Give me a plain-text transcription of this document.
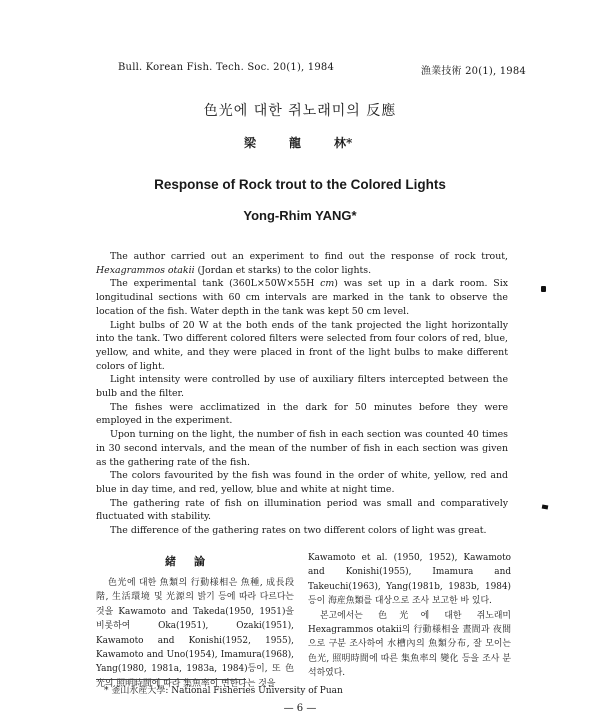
Bull. Korean Fish. Tech. Soc. 20(1), 1984	漁業技術 20(1), 1984
色光에 대한 쥐노래미의 反應
梁	龍	林*
Response of Rock trout to the Colored Lights
Yong-Rhim YANG*

The author carried out an experiment to find out the response of rock trout, Hexagrammos otakii (Jordan et starks) to the color lights.

The experimental tank (360L×50W×55H cm) was set up in a dark room. Six longitudinal sections with 60 cm intervals are marked in the tank to observe the location of the fish. Water depth in the tank was kept 50 cm level.

Light bulbs of 20 W at the both ends of the tank projected the light horizontally into the tank. Two different colored filters were selected from four colors of red, blue, yellow, and white, and they were placed in front of the light bulbs to make different colors of light.

Light intensity were controlled by use of auxiliary filters intercepted between the bulb and the filter.

The fishes were acclimatized in the dark for 50 minutes before they were employed in the experiment.

Upon turning on the light, the number of fish in each section was counted 40 times in 30 second intervals, and the mean of the number of fish in each section was given as the gathering rate of the fish.

The colors favourited by the fish was found in the order of white, yellow, red and blue in day time, and red, yellow, blue and white at night time.

The gathering rate of fish on illumination period was small and comparatively fluctuated with stability.

The difference of the gathering rates on two different colors of light was great.

緒論

色光에 대한 魚類의 行動様相은 魚種, 成長段階, 生活環境 및 光源의 밝기 등에 따라 다르다는 것을 Kawamoto and Takeda(1950, 1951)을 비롯하여 Oka(1951), Ozaki(1951), Kawamoto and Konishi(1952, 1955), Kawamoto and Uno(1954), Imamura(1968), Yang(1980, 1981a, 1983a, 1984)등이, 또 色光의 照明時間에 따라 集魚率이 변한다는 것을

Kawamoto et al. (1950, 1952), Kawamoto and Konishi(1955), Imamura and Takeuchi(1963), Yang(1981b, 1983b, 1984)등이 海産魚類를 대상으로 조사 보고한 바 있다.

본고에서는 色光에 대한 쥐노래미 Hexagrammos otakii의 行動様相을 晝間과 夜間으로 구분 조사하여 水槽內의 魚類分布, 잘 모이는 色光, 照明時間에 따른 集魚率의 變化 등을 조사 분석하였다.

* 釜山水産大學: National Fisheries University of Puan
— 6 —
